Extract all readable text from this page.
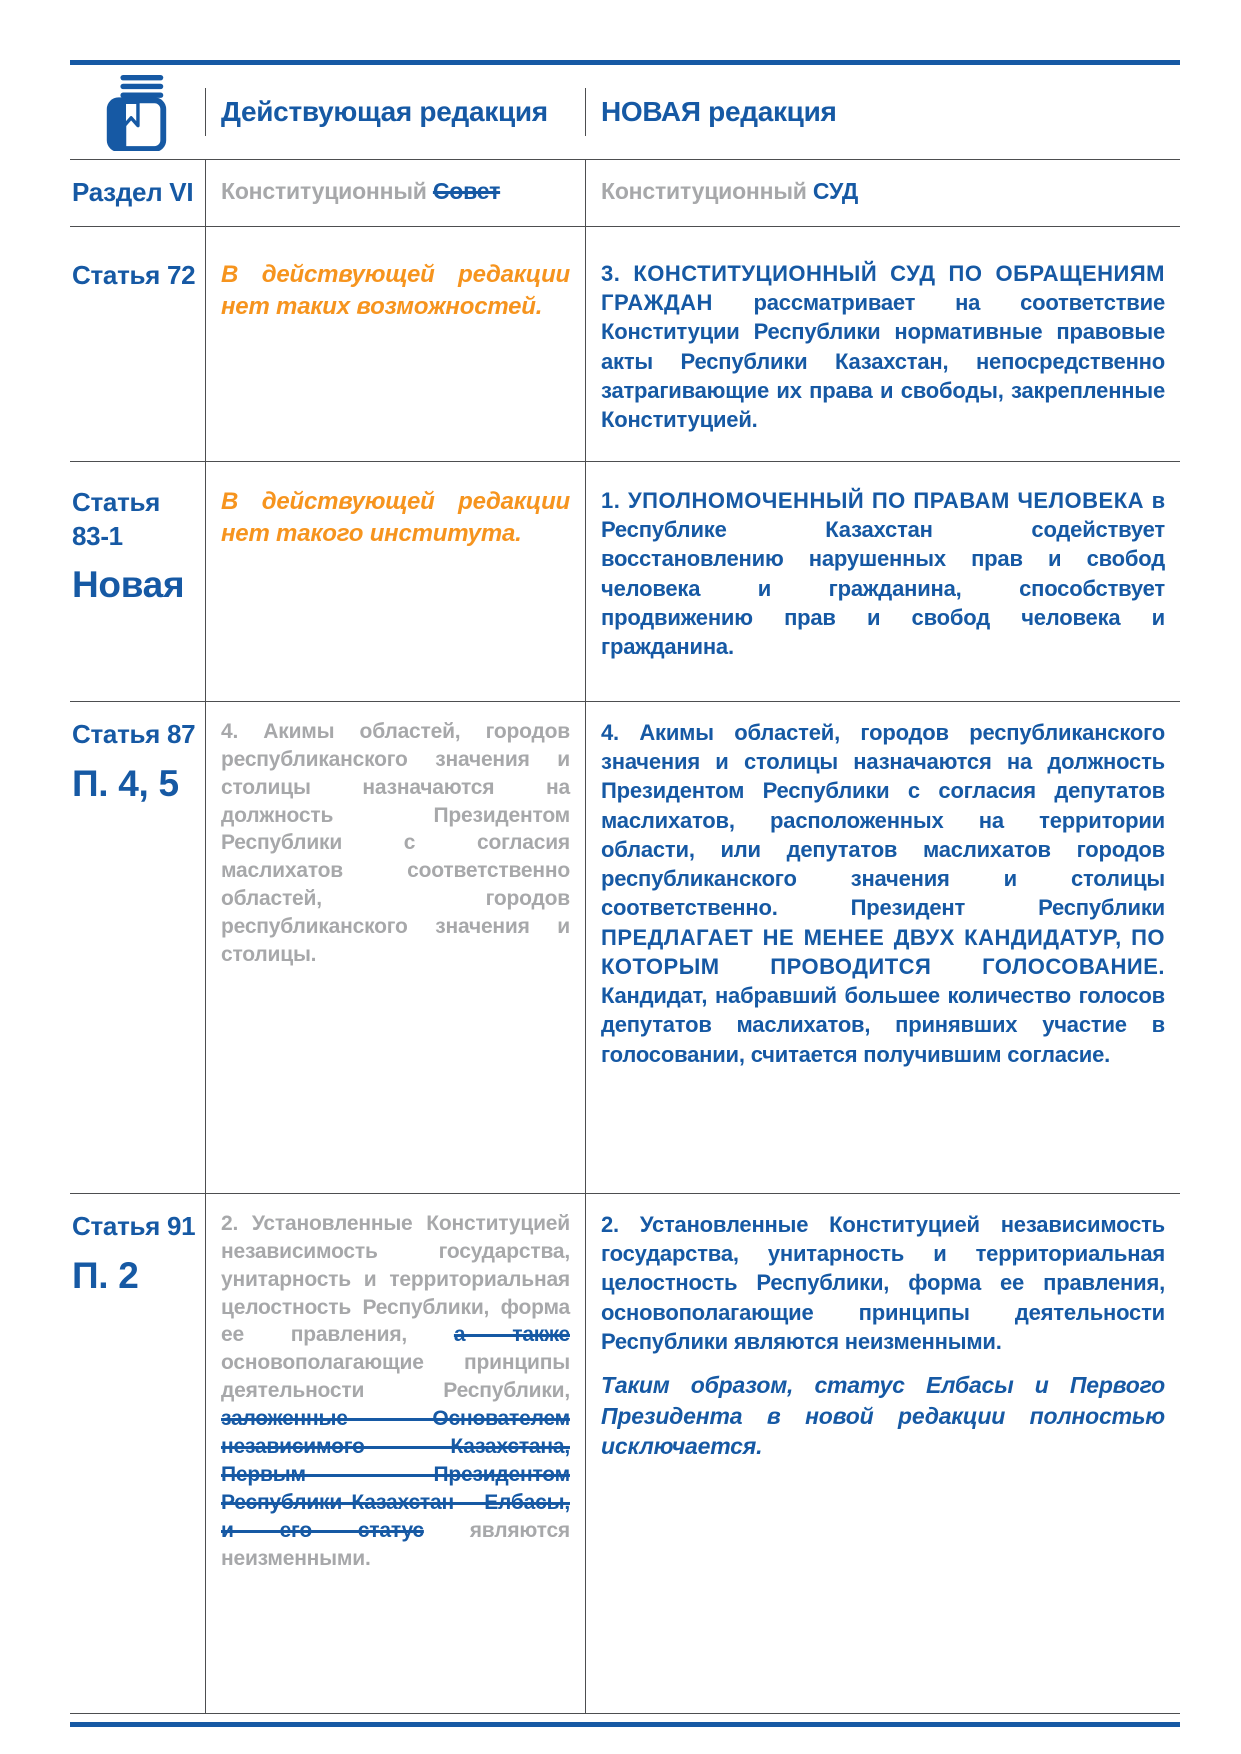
Действующая редакция	НОВАЯ редакция
Раздел VI Конституционный Совет	Конституционный СУД

Статья 72 В действующей редакции нет таких возможностей.

3. КОНСТИТУЦИОННЫЙ СУД ПО ОБРАЩЕНИЯМ ГРАЖДАН рассматривает на соответствие Конституции Республики нормативные правовые акты Республики Казахстан, непосредственно затрагивающие их права и свободы, закрепленные Конституцией.

Статья
83-1
Новая

В действующей редакции нет такого института.

1. УПОЛНОМОЧЕННЫЙ ПО ПРАВАМ ЧЕЛОВЕКА в Республике Казахстан содействует восстановлению нарушенных прав и свобод человека и гражданина, способствует продвижению прав и свобод человека и гражданина.

Статья 87
П. 4, 5

4. Акимы областей, городов республиканского значения и столицы назначаются на должность Президентом Республики с согласия маслихатов соответственно областей, городов республиканского значения и столицы.

4. Акимы областей, городов республиканского значения и столицы назначаются на должность Президентом Республики с согласия депутатов маслихатов, расположенных на территории области, или депутатов маслихатов городов республиканского значения и столицы соответственно. Президент Республики ПРЕДЛАГАЕТ НЕ МЕНЕЕ ДВУХ КАНДИДАТУР, ПО КОТОРЫМ ПРОВОДИТСЯ ГОЛОСОВАНИЕ. Кандидат, набравший большее количество голосов депутатов маслихатов, принявших участие в голосовании, считается получившим согласие.

Статья 91
П. 2

2. Установленные Конституцией независимость государства, унитарность и территориальная целостность Республики, форма ее правления, а также основополагающие принципы деятельности Республики, заложенные Основателем независимого Казахстана, Первым Президентом Республики Казахстан – Елбасы, и его статус являются неизменными.

2. Установленные Конституцией независимость государства, унитарность и территориальная целостность Республики, форма ее правления, основополагающие принципы деятельности Республики являются неизменными.

Таким образом, статус Елбасы и Первого Президента в новой редакции полностью исключается.
